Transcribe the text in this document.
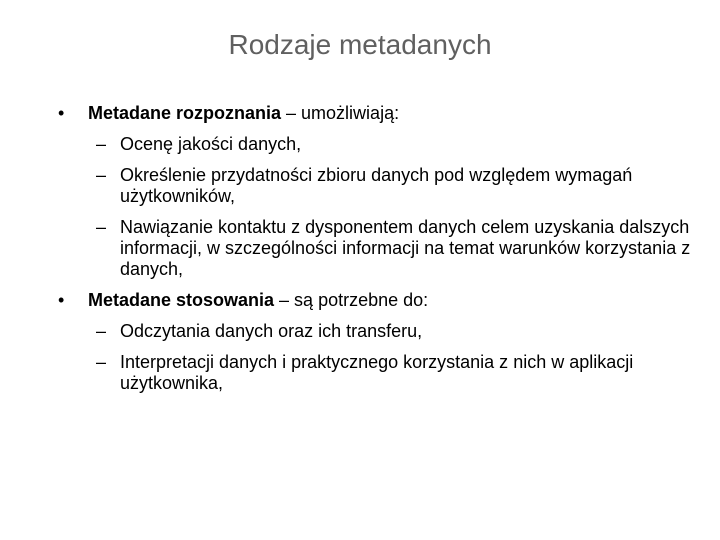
Rodzaje metadanych
• Metadane rozpoznania – umożliwiają:
– Ocenę jakości danych,
– Określenie przydatności zbioru danych pod względem wymagań użytkowników,
– Nawiązanie kontaktu z dysponentem danych celem uzyskania dalszych informacji, w szczególności informacji na temat warunków korzystania z danych,
• Metadane stosowania – są potrzebne do:
– Odczytania danych oraz ich transferu,
– Interpretacji danych i praktycznego korzystania z nich w aplikacji użytkownika,
